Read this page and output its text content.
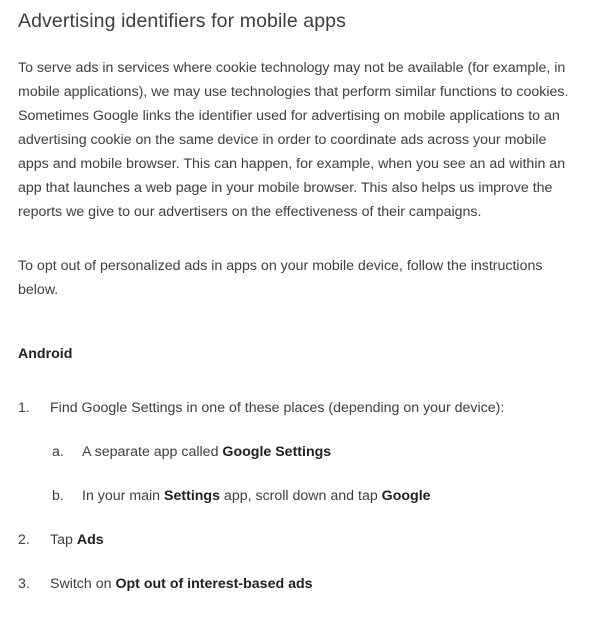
Advertising identifiers for mobile apps

To serve ads in services where cookie technology may not be available (for example, in
mobile applications), we may use technologies that perform similar functions to cookies.
Sometimes Google links the identifier used for advertising on mobile applications to an
advertising cookie on the same device in order to coordinate ads across your mobile
apps and mobile browser. This can happen, for example, when you see an ad within an
app that launches a web page in your mobile browser. This also helps us improve the
reports we give to our advertisers on the effectiveness of their campaigns.

To opt out of personalized ads in apps on your mobile device, follow the instructions
below.

Android
1. Find Google Settings in one of these places (depending on your device):
a. A separate app called Google Settings
b. In your main Settings app, scroll down and tap Google
2. Tap Ads
3. Switch on Opt out of interest-based ads
